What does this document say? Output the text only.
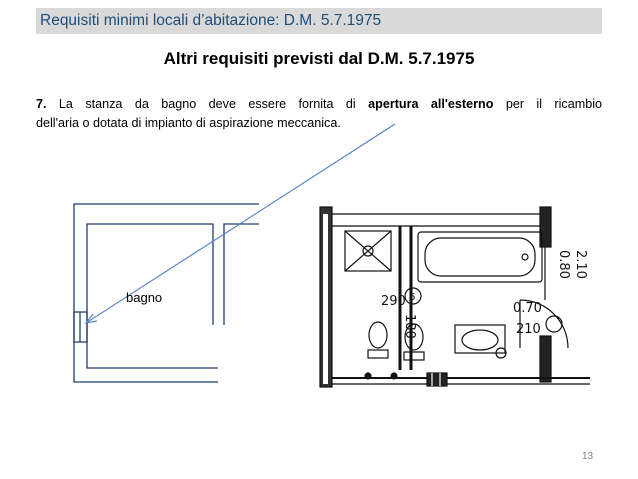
Requisiti minimi locali d’abitazione: D.M. 5.7.1975
Altri requisiti previsti dal D.M. 5.7.1975
7. La stanza da bagno deve essere fornita di apertura all'esterno per il ricambio
dell'aria o dotata di impianto di aspirazione meccanica.
290 6
180
0.70
210
0.80 2.10
bagno
13
